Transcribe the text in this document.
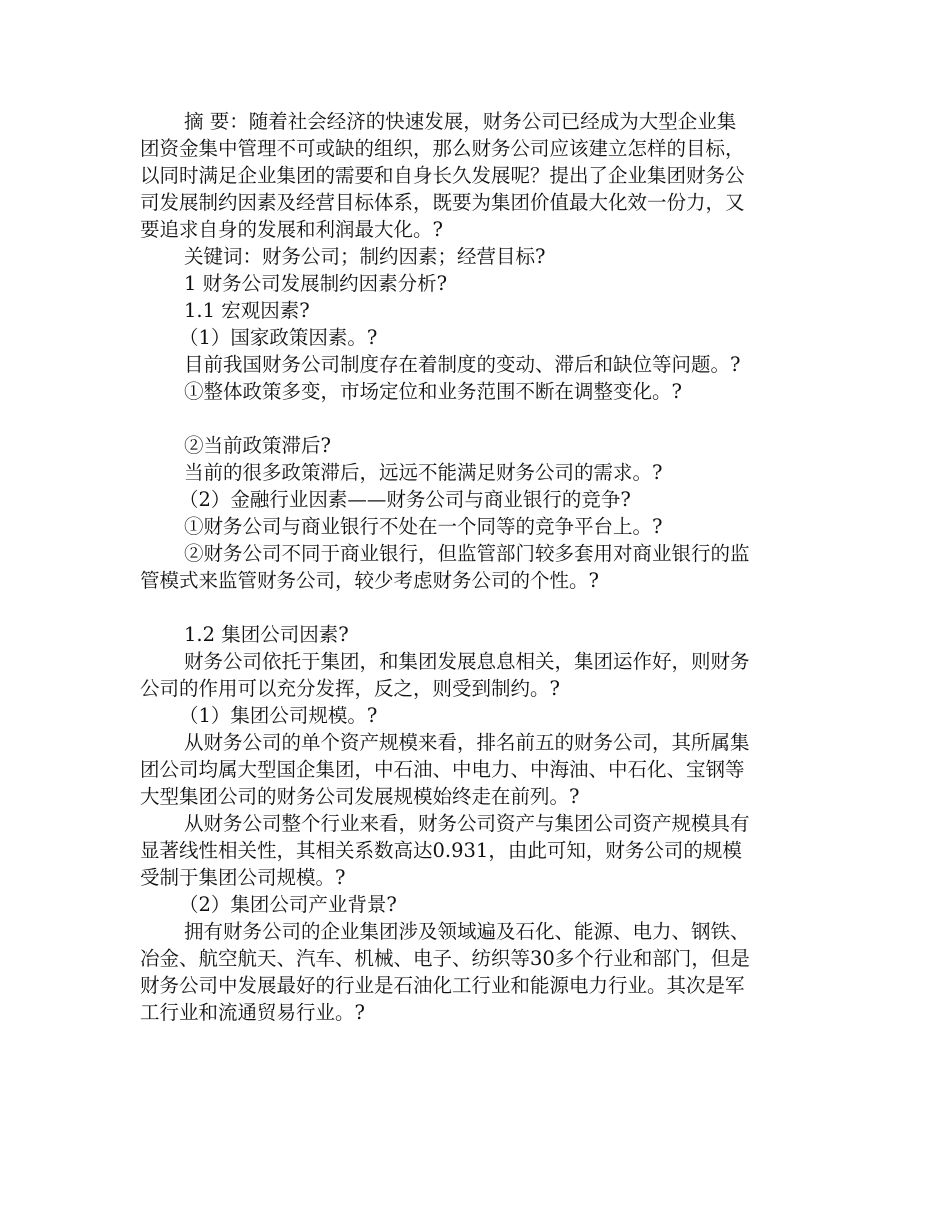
摘 要：随着社会经济的快速发展，财务公司已经成为大型企业集团资金集中管理不可或缺的组织，那么财务公司应该建立怎样的目标，以同时满足企业集团的需要和自身长久发展呢？提出了企业集团财务公司发展制约因素及经营目标体系，既要为集团价值最大化效一份力，又要追求自身的发展和利润最大化。?

关键词：财务公司；制约因素；经营目标?

1 财务公司发展制约因素分析?

1.1 宏观因素?

（1）国家政策因素。?

目前我国财务公司制度存在着制度的变动、滞后和缺位等问题。?

①整体政策多变，市场定位和业务范围不断在调整变化。?

②当前政策滞后?

当前的很多政策滞后，远远不能满足财务公司的需求。?

（2）金融行业因素——财务公司与商业银行的竞争?

①财务公司与商业银行不处在一个同等的竞争平台上。?

②财务公司不同于商业银行，但监管部门较多套用对商业银行的监管模式来监管财务公司，较少考虑财务公司的个性。?

1.2 集团公司因素?

财务公司依托于集团，和集团发展息息相关，集团运作好，则财务公司的作用可以充分发挥，反之，则受到制约。?

（1）集团公司规模。?

从财务公司的单个资产规模来看，排名前五的财务公司，其所属集团公司均属大型国企集团，中石油、中电力、中海油、中石化、宝钢等大型集团公司的财务公司发展规模始终走在前列。?

从财务公司整个行业来看，财务公司资产与集团公司资产规模具有显著线性相关性，其相关系数高达0.931，由此可知，财务公司的规模受制于集团公司规模。?

（2）集团公司产业背景?

拥有财务公司的企业集团涉及领域遍及石化、能源、电力、钢铁、冶金、航空航天、汽车、机械、电子、纺织等30多个行业和部门，但是财务公司中发展最好的行业是石油化工行业和能源电力行业。其次是军工行业和流通贸易行业。?
